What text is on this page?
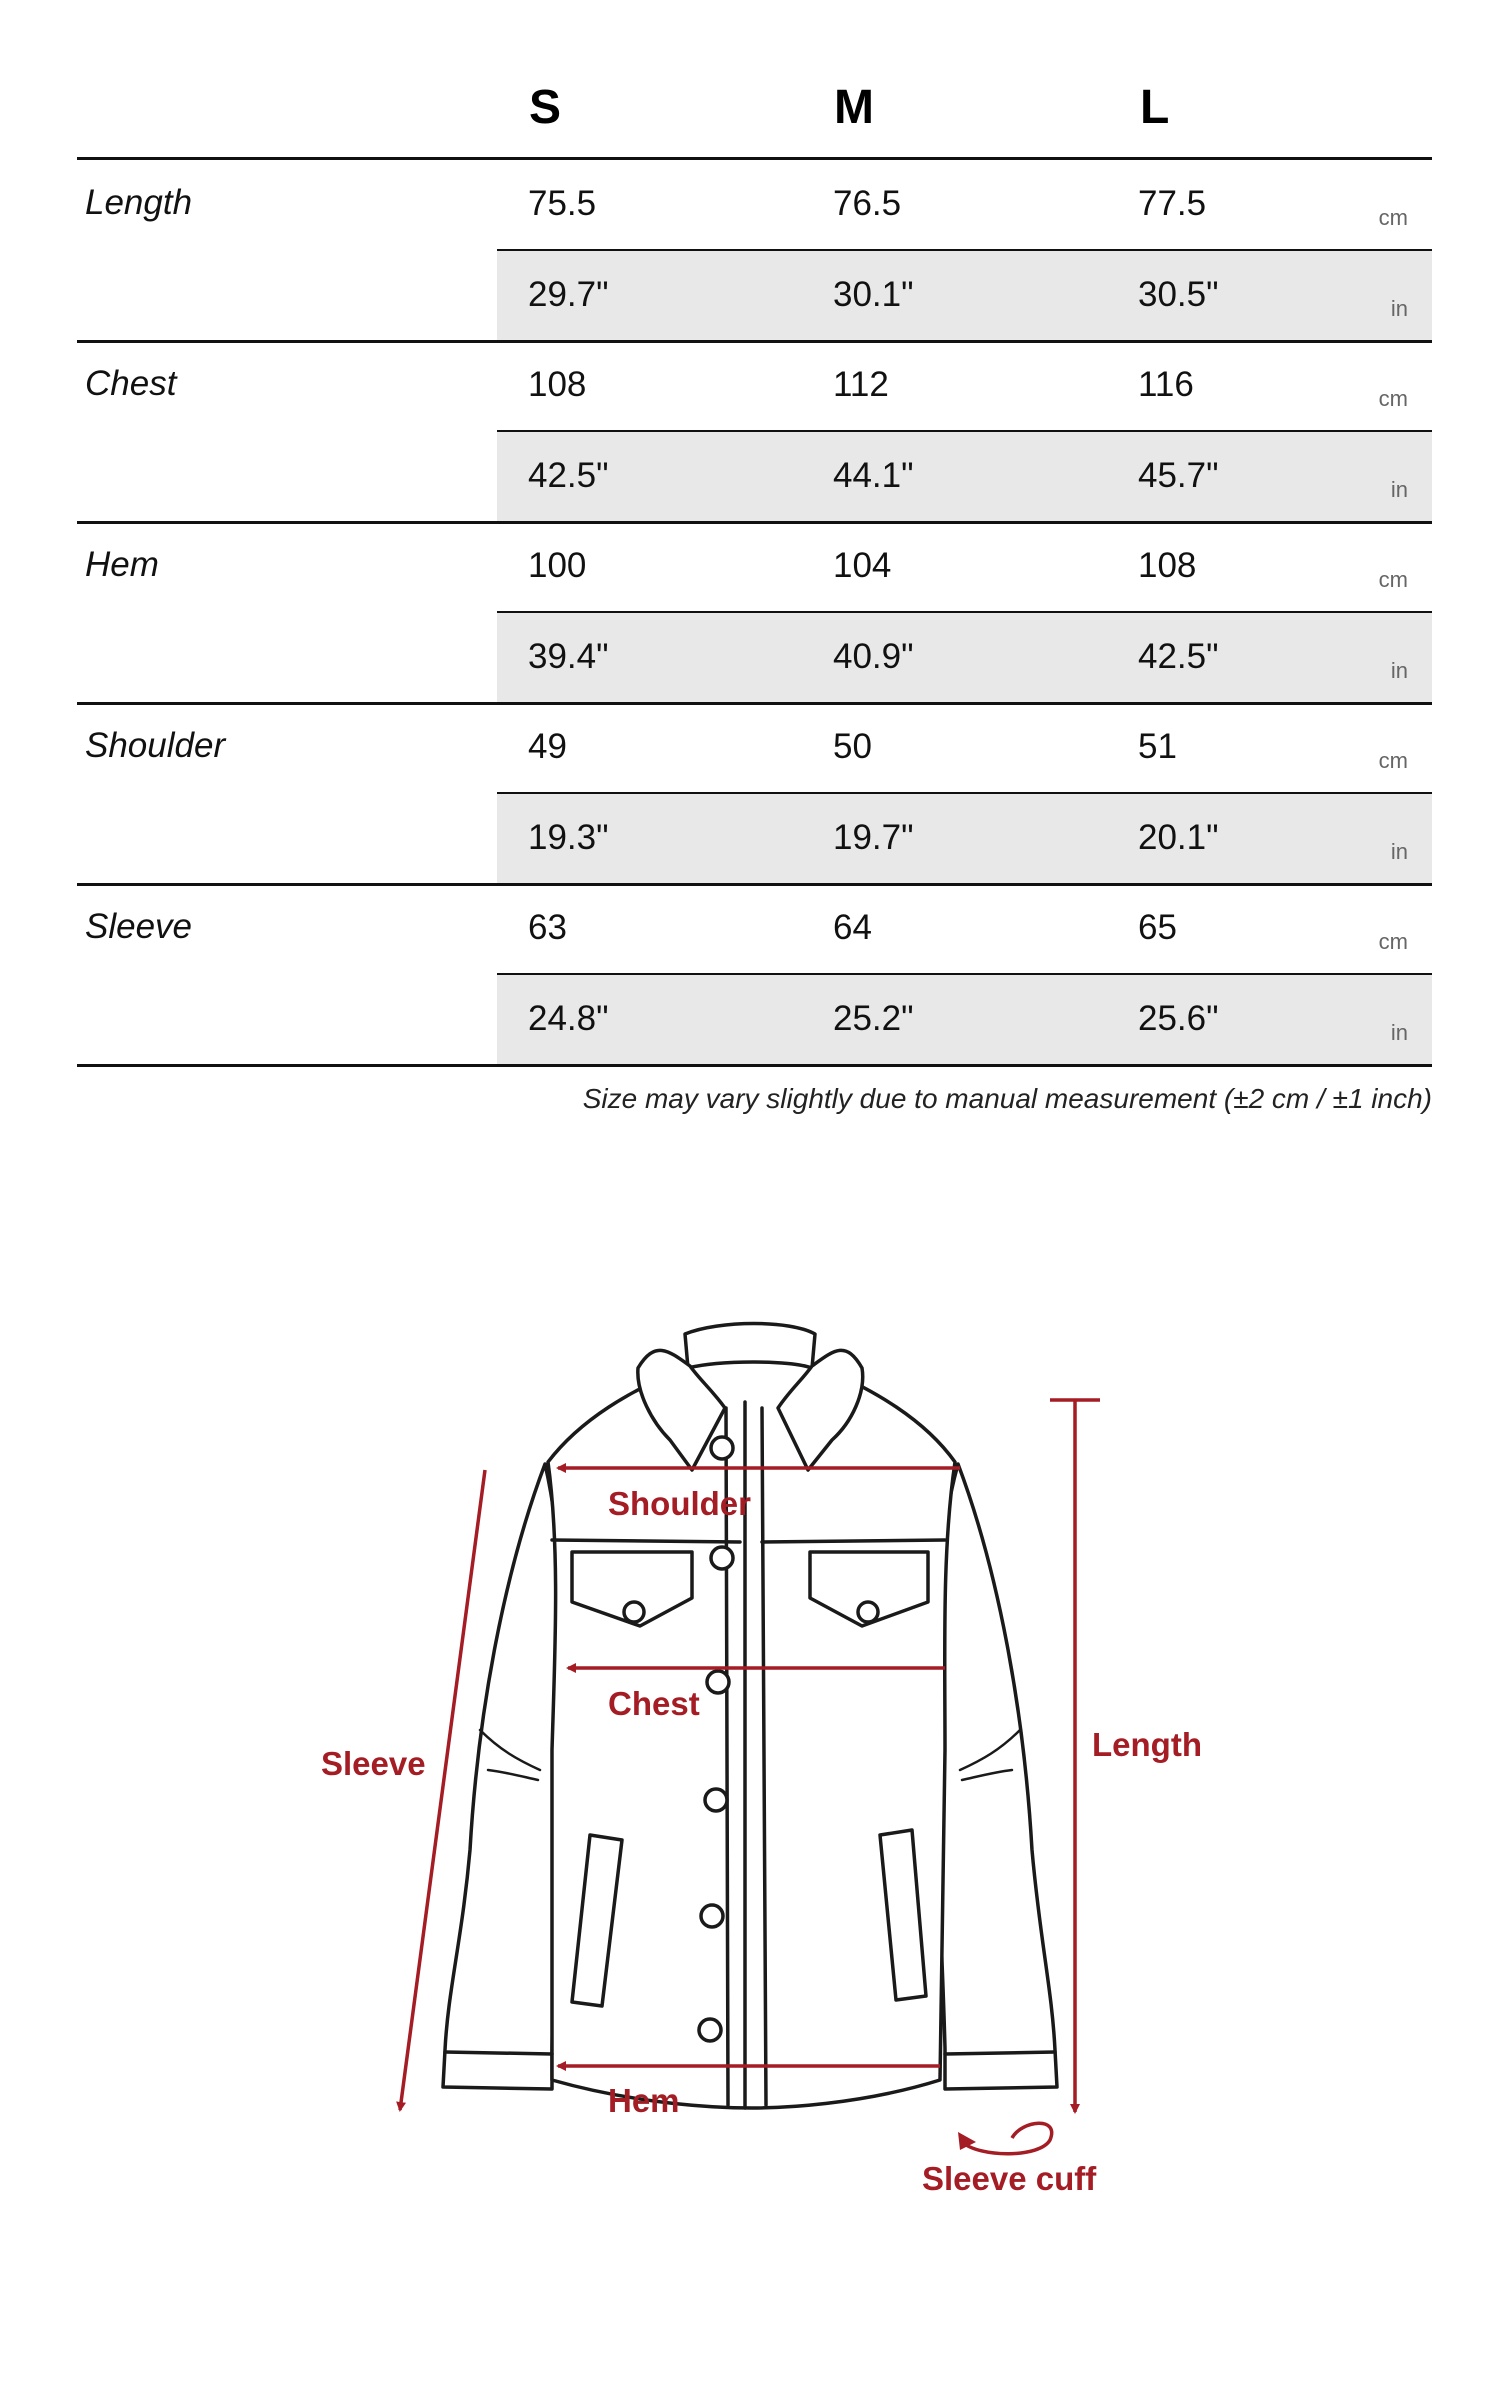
S	M	L
Length	75.5	76.5	77.5	cm
29.7"	30.1"	30.5"	in
Chest	108	112	116	cm
42.5"	44.1"	45.7"	in
Hem	100	104	108	cm
39.4"	40.9"	42.5"	in
Shoulder	49	50	51	cm
19.3"	19.7"	20.1"	in
Sleeve	63	64	65	cm
24.8"	25.2"	25.6"	in
Size may vary slightly due to manual measurement (±2 cm / ±1 inch)
Shoulder
Chest
Hem
Sleeve
Length
Sleeve cuff
